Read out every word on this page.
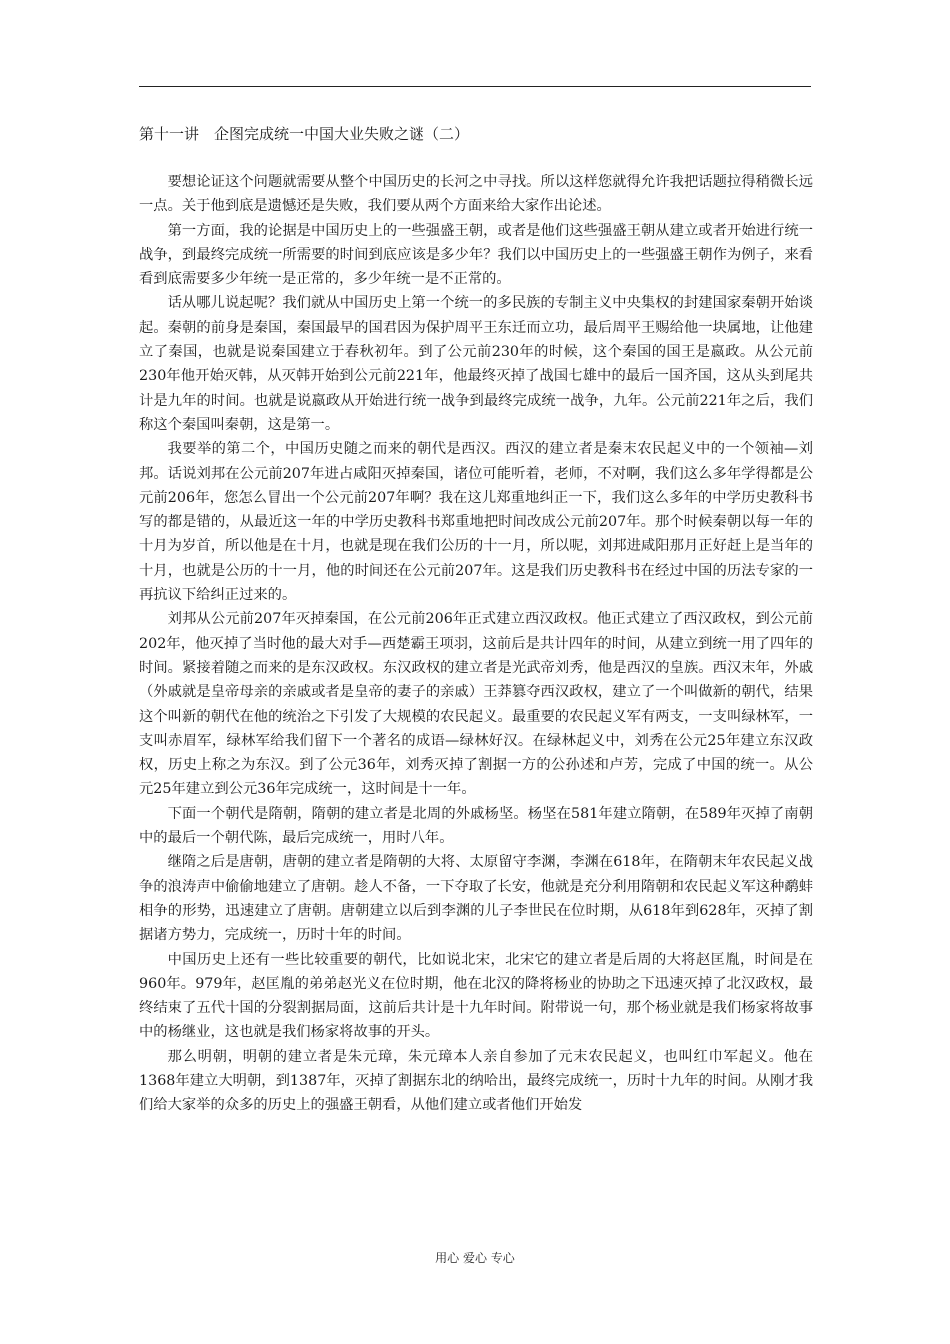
第十一讲　企图完成统一中国大业失败之谜（二）

要想论证这个问题就需要从整个中国历史的长河之中寻找。所以这样您就得允许我把话题拉得稍微长远一点。关于他到底是遗憾还是失败，我们要从两个方面来给大家作出论述。

第一方面，我的论据是中国历史上的一些强盛王朝，或者是他们这些强盛王朝从建立或者开始进行统一战争，到最终完成统一所需要的时间到底应该是多少年？我们以中国历史上的一些强盛王朝作为例子，来看看到底需要多少年统一是正常的，多少年统一是不正常的。

话从哪儿说起呢？我们就从中国历史上第一个统一的多民族的专制主义中央集权的封建国家秦朝开始谈起。秦朝的前身是秦国，秦国最早的国君因为保护周平王东迁而立功，最后周平王赐给他一块属地，让他建立了秦国，也就是说秦国建立于春秋初年。到了公元前230年的时候，这个秦国的国王是嬴政。从公元前230年他开始灭韩，从灭韩开始到公元前221年，他最终灭掉了战国七雄中的最后一国齐国，这从头到尾共计是九年的时间。也就是说嬴政从开始进行统一战争到最终完成统一战争，九年。公元前221年之后，我们称这个秦国叫秦朝，这是第一。

我要举的第二个，中国历史随之而来的朝代是西汉。西汉的建立者是秦末农民起义中的一个领袖—刘邦。话说刘邦在公元前207年进占咸阳灭掉秦国，诸位可能听着，老师，不对啊，我们这么多年学得都是公元前206年，您怎么冒出一个公元前207年啊？我在这儿郑重地纠正一下，我们这么多年的中学历史教科书写的都是错的，从最近这一年的中学历史教科书郑重地把时间改成公元前207年。那个时候秦朝以每一年的十月为岁首，所以他是在十月，也就是现在我们公历的十一月，所以呢，刘邦进咸阳那月正好赶上是当年的十月，也就是公历的十一月，他的时间还在公元前207年。这是我们历史教科书在经过中国的历法专家的一再抗议下给纠正过来的。

刘邦从公元前207年灭掉秦国，在公元前206年正式建立西汉政权。他正式建立了西汉政权，到公元前202年，他灭掉了当时他的最大对手—西楚霸王项羽，这前后是共计四年的时间，从建立到统一用了四年的时间。紧接着随之而来的是东汉政权。东汉政权的建立者是光武帝刘秀，他是西汉的皇族。西汉末年，外戚（外戚就是皇帝母亲的亲戚或者是皇帝的妻子的亲戚）王莽篡夺西汉政权，建立了一个叫做新的朝代，结果这个叫新的朝代在他的统治之下引发了大规模的农民起义。最重要的农民起义军有两支，一支叫绿林军，一支叫赤眉军，绿林军给我们留下一个著名的成语—绿林好汉。在绿林起义中，刘秀在公元25年建立东汉政权，历史上称之为东汉。到了公元36年，刘秀灭掉了割据一方的公孙述和卢芳，完成了中国的统一。从公元25年建立到公元36年完成统一，这时间是十一年。

下面一个朝代是隋朝，隋朝的建立者是北周的外戚杨坚。杨坚在581年建立隋朝，在589年灭掉了南朝中的最后一个朝代陈，最后完成统一，用时八年。

继隋之后是唐朝，唐朝的建立者是隋朝的大将、太原留守李渊，李渊在618年，在隋朝末年农民起义战争的浪涛声中偷偷地建立了唐朝。趁人不备，一下夺取了长安，他就是充分利用隋朝和农民起义军这种鹬蚌相争的形势，迅速建立了唐朝。唐朝建立以后到李渊的儿子李世民在位时期，从618年到628年，灭掉了割据诸方势力，完成统一，历时十年的时间。

中国历史上还有一些比较重要的朝代，比如说北宋，北宋它的建立者是后周的大将赵匡胤，时间是在960年。979年，赵匡胤的弟弟赵光义在位时期，他在北汉的降将杨业的协助之下迅速灭掉了北汉政权，最终结束了五代十国的分裂割据局面，这前后共计是十九年时间。附带说一句，那个杨业就是我们杨家将故事中的杨继业，这也就是我们杨家将故事的开头。

那么明朝，明朝的建立者是朱元璋，朱元璋本人亲自参加了元末农民起义，也叫红巾军起义。他在1368年建立大明朝，到1387年，灭掉了割据东北的纳哈出，最终完成统一，历时十九年的时间。从刚才我们给大家举的众多的历史上的强盛王朝看，从他们建立或者他们开始发

用心 爱心 专心
